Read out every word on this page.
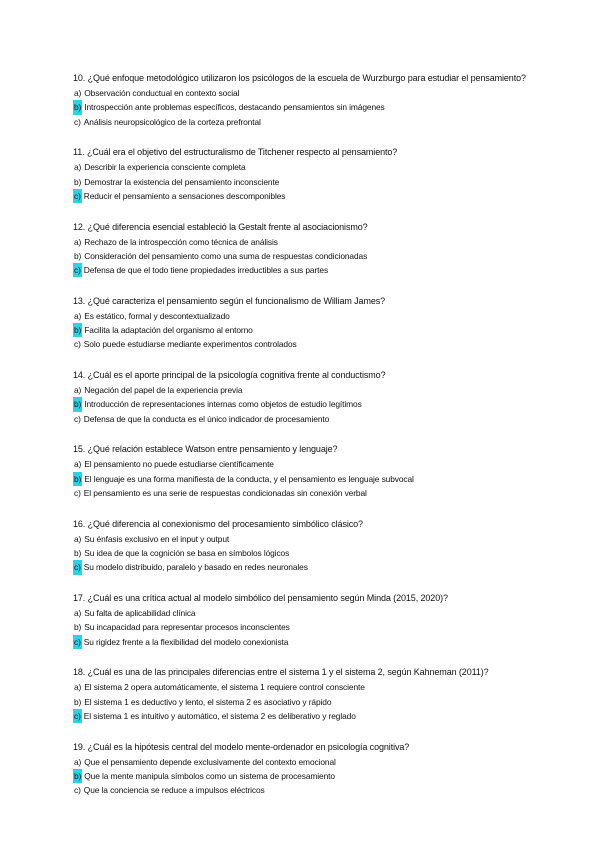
10. ¿Qué enfoque metodológico utilizaron los psicólogos de la escuela de Wurzburgo para estudiar el pensamiento?
a) Observación conductual en contexto social
b) Introspección ante problemas específicos, destacando pensamientos sin imágenes
c) Análisis neuropsicológico de la corteza prefrontal
11. ¿Cuál era el objetivo del estructuralismo de Titchener respecto al pensamiento?
a) Describir la experiencia consciente completa
b) Demostrar la existencia del pensamiento inconsciente
c) Reducir el pensamiento a sensaciones descomponibles
12. ¿Qué diferencia esencial estableció la Gestalt frente al asociacionismo?
a) Rechazo de la introspección como técnica de análisis
b) Consideración del pensamiento como una suma de respuestas condicionadas
c) Defensa de que el todo tiene propiedades irreductibles a sus partes
13. ¿Qué caracteriza el pensamiento según el funcionalismo de William James?
a) Es estático, formal y descontextualizado
b) Facilita la adaptación del organismo al entorno
c) Solo puede estudiarse mediante experimentos controlados
14. ¿Cuál es el aporte principal de la psicología cognitiva frente al conductismo?
a) Negación del papel de la experiencia previa
b) Introducción de representaciones internas como objetos de estudio legítimos
c) Defensa de que la conducta es el único indicador de procesamiento
15. ¿Qué relación establece Watson entre pensamiento y lenguaje?
a) El pensamiento no puede estudiarse científicamente
b) El lenguaje es una forma manifiesta de la conducta, y el pensamiento es lenguaje subvocal
c) El pensamiento es una serie de respuestas condicionadas sin conexión verbal
16. ¿Qué diferencia al conexionismo del procesamiento simbólico clásico?
a) Su énfasis exclusivo en el input y output
b) Su idea de que la cognición se basa en símbolos lógicos
c) Su modelo distribuido, paralelo y basado en redes neuronales
17. ¿Cuál es una crítica actual al modelo simbólico del pensamiento según Minda (2015, 2020)?
a) Su falta de aplicabilidad clínica
b) Su incapacidad para representar procesos inconscientes
c) Su rigidez frente a la flexibilidad del modelo conexionista
18. ¿Cuál es una de las principales diferencias entre el sistema 1 y el sistema 2, según Kahneman (2011)?
a) El sistema 2 opera automáticamente, el sistema 1 requiere control consciente
b) El sistema 1 es deductivo y lento, el sistema 2 es asociativo y rápido
c) El sistema 1 es intuitivo y automático, el sistema 2 es deliberativo y reglado
19. ¿Cuál es la hipótesis central del modelo mente-ordenador en psicología cognitiva?
a) Que el pensamiento depende exclusivamente del contexto emocional
b) Que la mente manipula símbolos como un sistema de procesamiento
c) Que la conciencia se reduce a impulsos eléctricos
